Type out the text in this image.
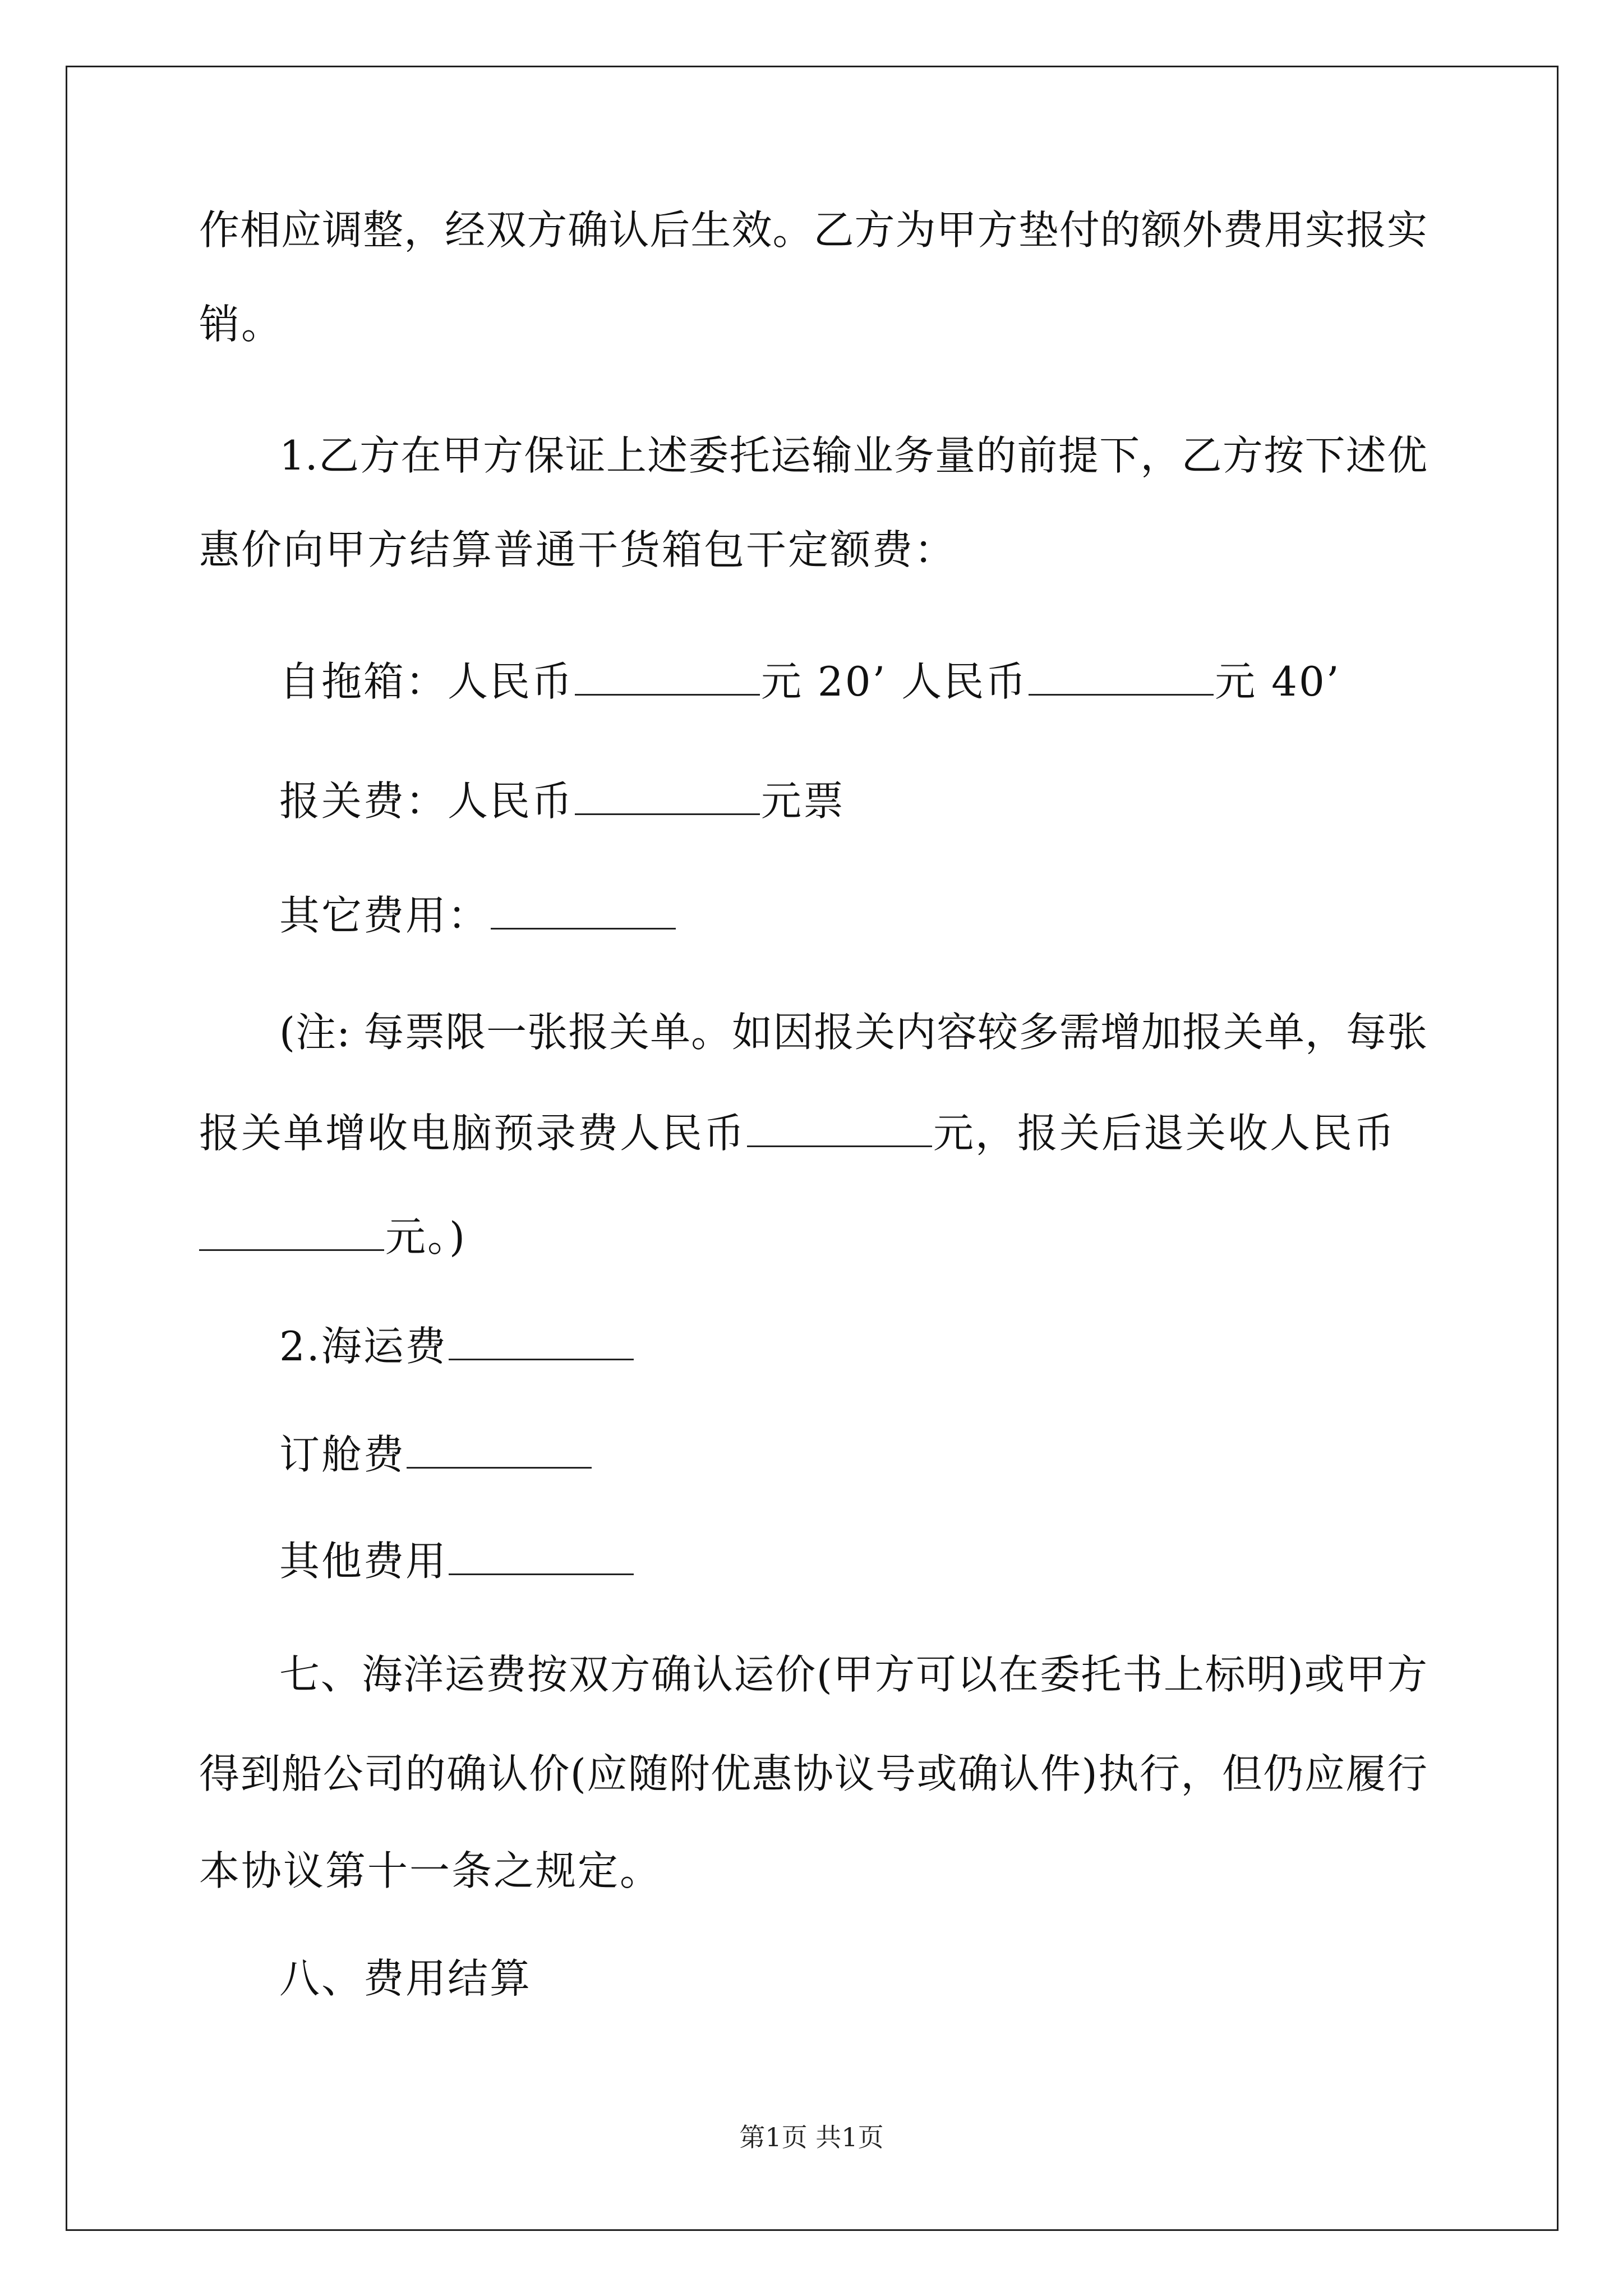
作相应调整，经双方确认后生效。乙方为甲方垫付的额外费用实报实
销。
1.乙方在甲方保证上述委托运输业务量的前提下，乙方按下述优
惠价向甲方结算普通干货箱包干定额费：
自拖箱：人民币	元 20’ 人民币	元 40’
报关费：人民币	元票
其它费用：
(注: 每票限一张报关单。如因报关内容较多需增加报关单，每张
报关单增收电脑预录费人民币	元，报关后退关收人民币
元。)
2.海运费
订舱费
其他费用
七、海洋运费按双方确认运价(甲方可以在委托书上标明)或甲方
得到船公司的确认价(应随附优惠协议号或确认件)执行，但仍应履行
本协议第十一条之规定。
八、费用结算
第1页 共1页
